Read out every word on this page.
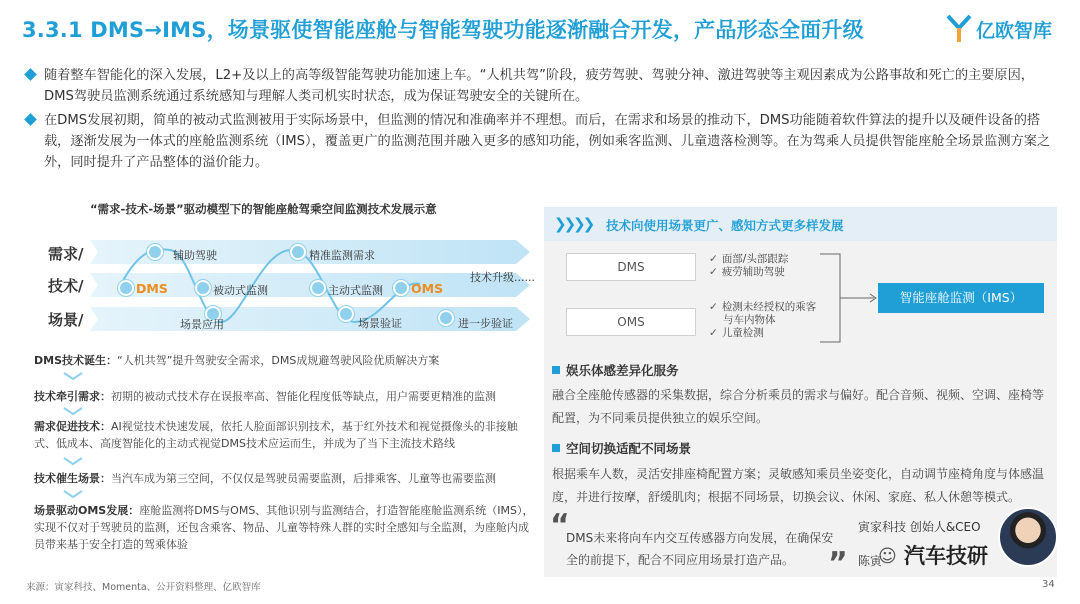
3.3.1 DMS→IMS，场景驱使智能座舱与智能驾驶功能逐渐融合开发，产品形态全面升级	亿欧智库
随着整车智能化的深入发展，L2+及以上的高等级智能驾驶功能加速上车。“人机共驾”阶段，疲劳驾驶、驾驶分神、激进驾驶等主观因素成为公路事故和死亡的主要原因，DMS驾驶员监测系统通过系统感知与理解人类司机实时状态，成为保证驾驶安全的关键所在。
在DMS发展初期，简单的被动式监测被用于实际场景中，但监测的情况和准确率并不理想。而后，在需求和场景的推动下，DMS功能随着软件算法的提升以及硬件设备的搭载，逐渐发展为一体式的座舱监测系统（IMS），覆盖更广的监测范围并融入更多的感知功能，例如乘客监测、儿童遗落检测等。在为驾乘人员提供智能座舱全场景监测方案之外，同时提升了产品整体的溢价能力。
“需求-技术-场景”驱动模型下的智能座舱驾乘空间监测技术发展示意
需求/
技术/
场景/
辅助驾驶	精准监测需求
DMS	被动式监测	主动式监测 OMS
技术升级......
场景应用	场景验证	进一步验证
DMS技术诞生：“人机共驾”提升驾驶安全需求，DMS成规避驾驶风险优质解决方案
技术牵引需求：初期的被动式技术存在误报率高、智能化程度低等缺点，用户需要更精准的监测
需求促进技术：AI视觉技术快速发展，依托人脸面部识别技术，基于红外技术和视觉摄像头的非接触式、低成本、高度智能化的主动式视觉DMS技术应运而生，并成为了当下主流技术路线
技术催生场景：当汽车成为第三空间，不仅仅是驾驶员需要监测，后排乘客、儿童等也需要监测
场景驱动OMS发展：座舱监测将DMS与OMS、其他识别与监测结合，打造智能座舱监测系统（IMS），实现不仅对于驾驶员的监测，还包含乘客、物品、儿童等特殊人群的实时全感知与全监测，为座舱内成员带来基于安全打造的驾乘体验
❯❯❯❯ 技术向使用场景更广、感知方式更多样发展
DMS
OMS
✓ 面部/头部跟踪
✓ 疲劳辅助驾驶
✓ 检测未经授权的乘客
与车内物体
✓ 儿童检测
智能座舱监测（IMS）
娱乐体感差异化服务
融合全座舱传感器的采集数据，综合分析乘员的需求与偏好。配合音频、视频、空调、座椅等配置，为不同乘员提供独立的娱乐空间。
空间切换适配不同场景
根据乘车人数，灵活安排座椅配置方案；灵敏感知乘员坐姿变化，自动调节座椅角度与体感温度，并进行按摩，舒缓肌肉；根据不同场景，切换会议、休闲、家庭、私人休憩等模式。
“
DMS未来将向车内交互传感器方向发展，在确保安全的前提下，配合不同应用场景打造产品。	”
寅家科技 创始人&CEO
陈寅
☺ 汽车技研
来源：寅家科技、Momenta、公开资料整理、亿欧智库	34
